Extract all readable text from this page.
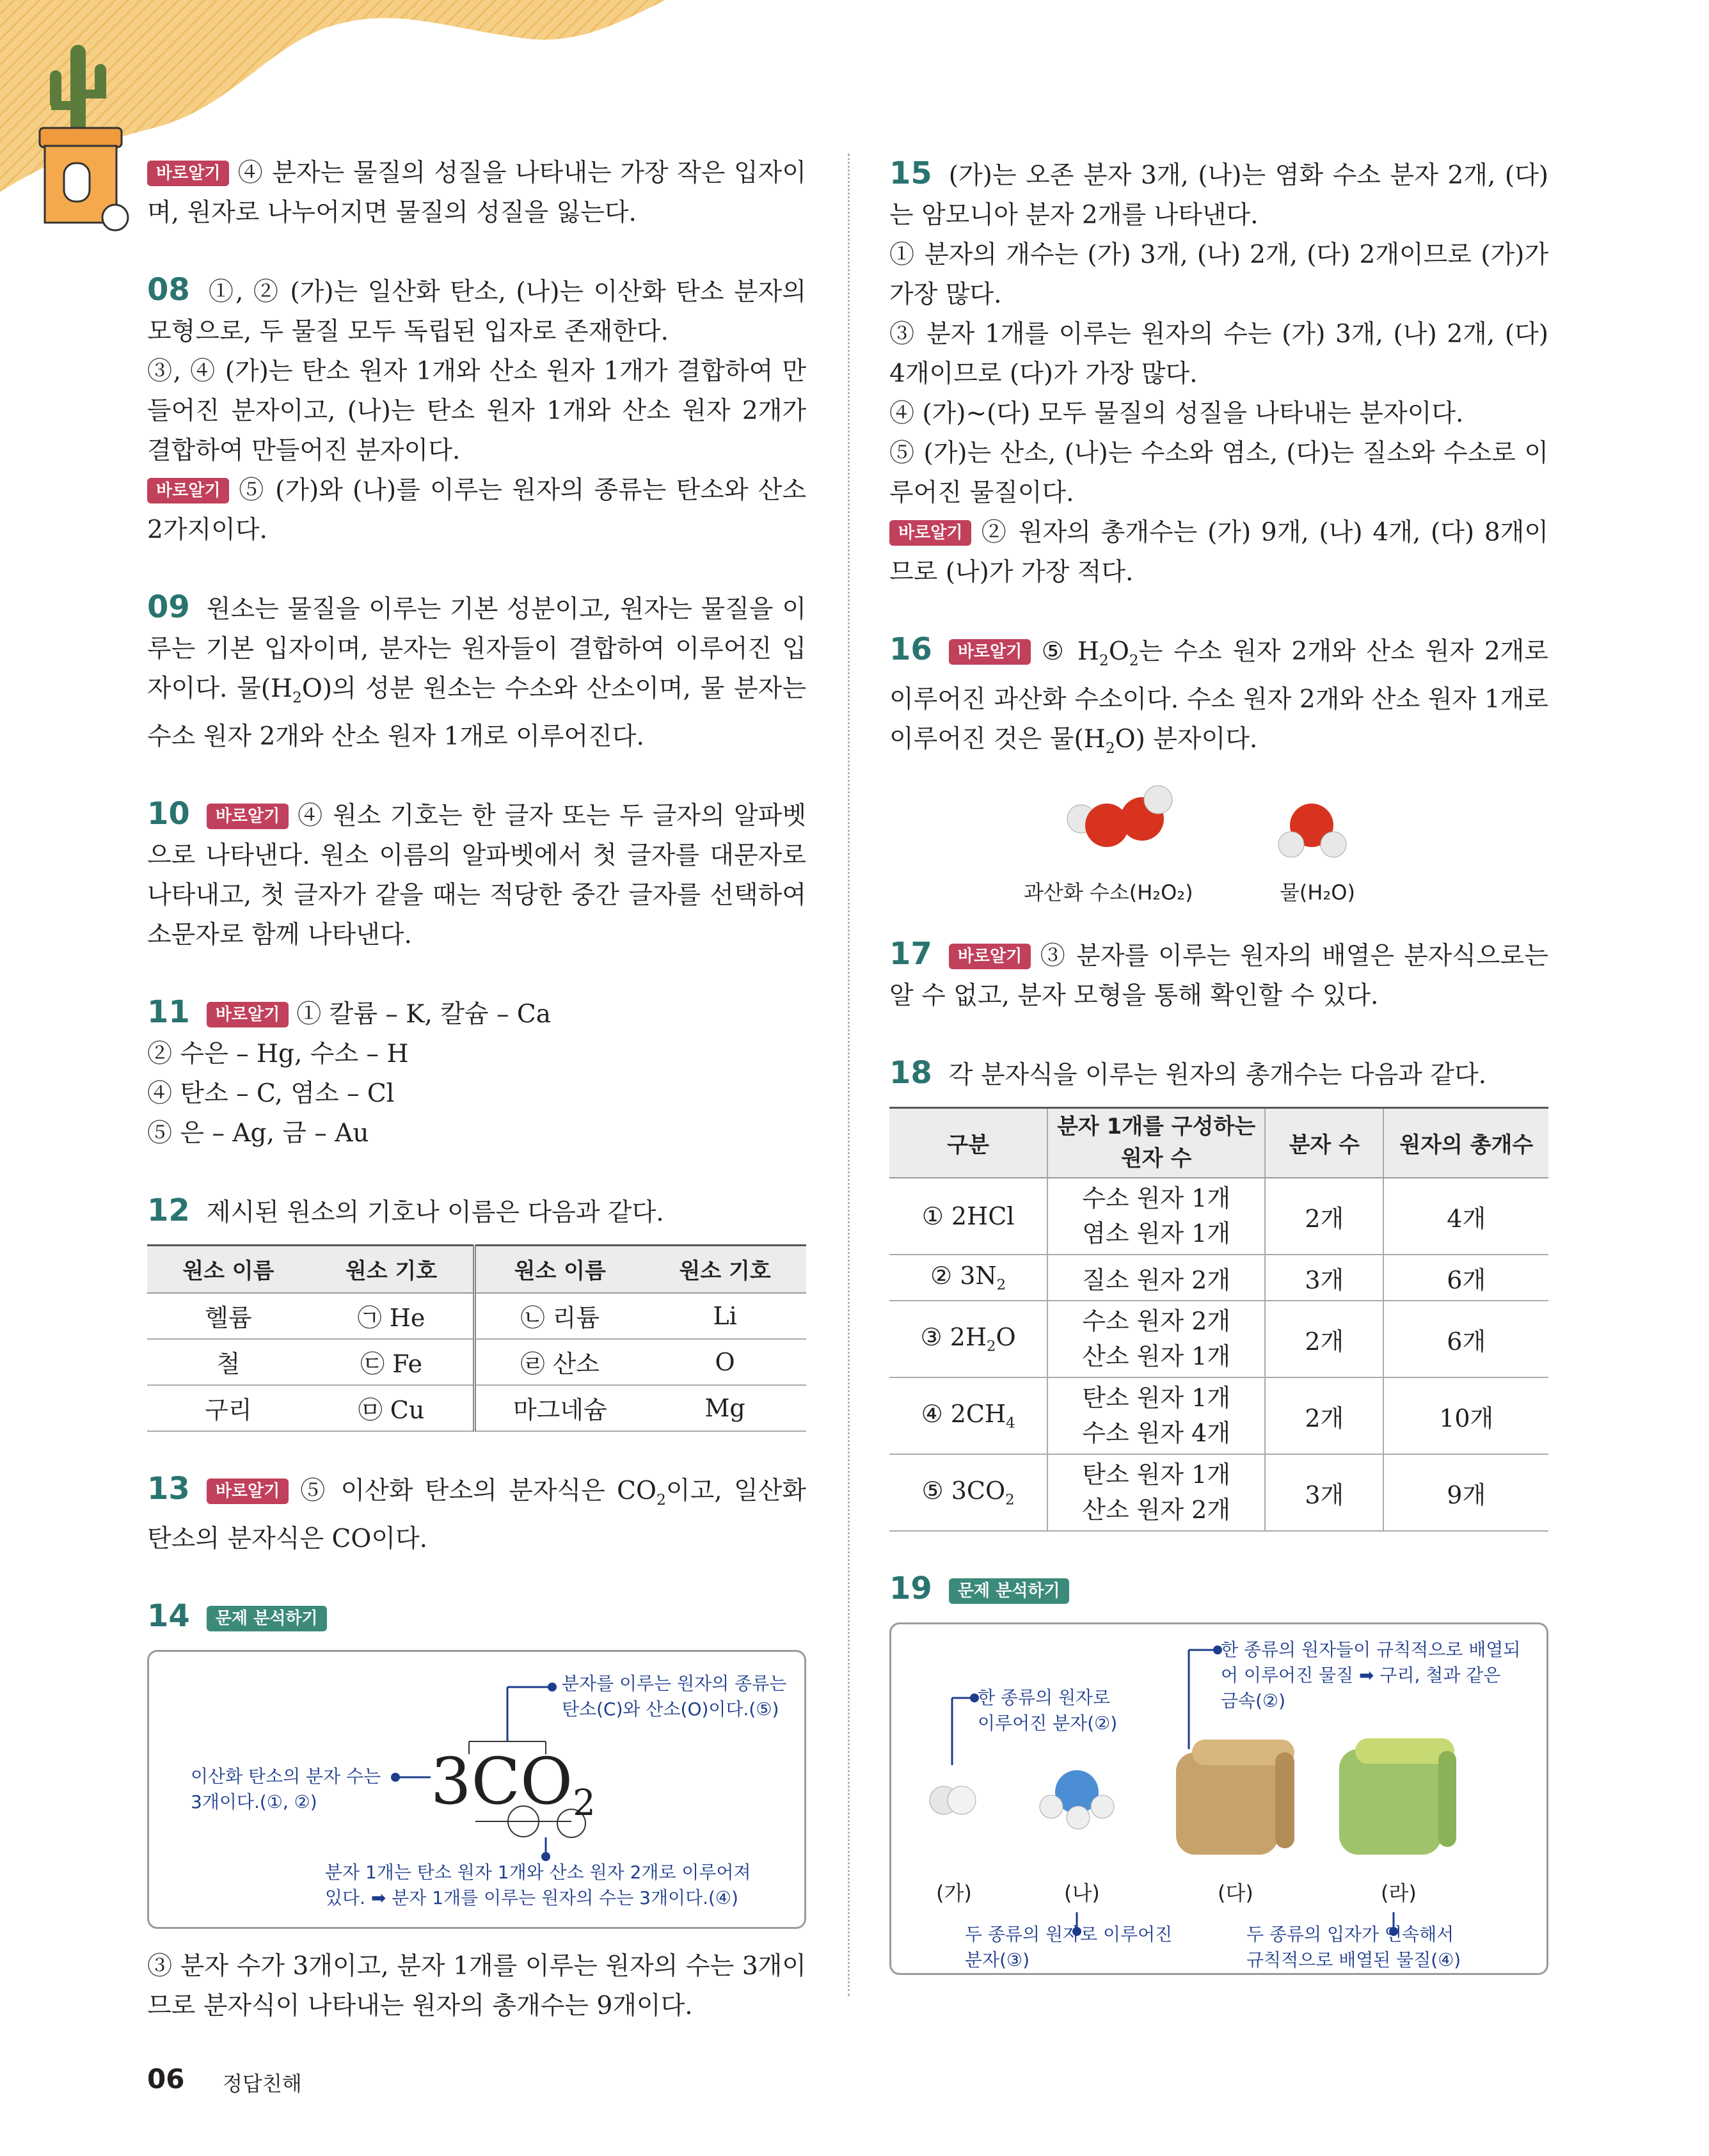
바로알기 ④ 분자는 물질의 성질을 나타내는 가장 작은 입자이며, 원자로 나누어지면 물질의 성질을 잃는다.

08 ①, ② (가)는 일산화 탄소, (나)는 이산화 탄소 분자의 모형으로, 두 물질 모두 독립된 입자로 존재한다.

③, ④ (가)는 탄소 원자 1개와 산소 원자 1개가 결합하여 만들어진 분자이고, (나)는 탄소 원자 1개와 산소 원자 2개가 결합하여 만들어진 분자이다.

바로알기 ⑤ (가)와 (나)를 이루는 원자의 종류는 탄소와 산소 2가지이다.

09 원소는 물질을 이루는 기본 성분이고, 원자는 물질을 이루는 기본 입자이며, 분자는 원자들이 결합하여 이루어진 입자이다. 물$(H_2O)$의 성분 원소는 수소와 산소이며, 물 분자는 수소 원자 2개와 산소 원자 1개로 이루어진다.

10 바로알기 ④ 원소 기호는 한 글자 또는 두 글자의 알파벳으로 나타낸다. 원소 이름의 알파벳에서 첫 글자를 대문자로 나타내고, 첫 글자가 같을 때는 적당한 중간 글자를 선택하여 소문자로 함께 나타낸다.

11 바로알기 ① 칼륨 – K, 칼슘 – Ca

② 수은 – Hg, 수소 – H

④ 탄소 – C, 염소 – Cl

⑤ 은 – Ag, 금 – Au

12 제시된 원소의 기호나 이름은 다음과 같다.

원소 이름	원소 기호	원소 이름	원소 기호
헬륨	㉠ He	㉡ 리튬	Li
철	㉢ Fe	㉣ 산소	O
구리	㉤ Cu	마그네슘	Mg

13 바로알기 ⑤ 이산화 탄소의 분자식은 $CO_2$이고, 일산화 탄소의 분자식은 CO이다.

14 문제 분석하기

분자를 이루는 원자의 종류는
탄소(C)와 산소(O)이다.(⑤)
이산화 탄소의 분자 수는
3개이다.(①, ②)	3CO2
분자 1개는 탄소 원자 1개와 산소 원자 2개로 이루어져
있다. ➡ 분자 1개를 이루는 원자의 수는 3개이다.(④)

③ 분자 수가 3개이고, 분자 1개를 이루는 원자의 수는 3개이므로 분자식이 나타내는 원자의 총개수는 9개이다.

15 (가)는 오존 분자 3개, (나)는 염화 수소 분자 2개, (다)는 암모니아 분자 2개를 나타낸다.

① 분자의 개수는 (가) 3개, (나) 2개, (다) 2개이므로 (가)가 가장 많다.

③ 분자 1개를 이루는 원자의 수는 (가) 3개, (나) 2개, (다) 4개이므로 (다)가 가장 많다.

④ (가)~(다) 모두 물질의 성질을 나타내는 분자이다.

⑤ (가)는 산소, (나)는 수소와 염소, (다)는 질소와 수소로 이루어진 물질이다.

바로알기 ② 원자의 총개수는 (가) 9개, (나) 4개, (다) 8개이므로 (나)가 가장 적다.

16 바로알기 ⑤ $H_2O_2$는 수소 원자 2개와 산소 원자 2개로 이루어진 과산화 수소이다. 수소 원자 2개와 산소 원자 1개로 이루어진 것은 물$(H_2O)$ 분자이다.

과산화 수소(H₂O₂)	물(H₂O)

17 바로알기 ③ 분자를 이루는 원자의 배열은 분자식으로는 알 수 없고, 분자 모형을 통해 확인할 수 있다.

18 각 분자식을 이루는 원자의 총개수는 다음과 같다.

구분	분자 1개를 구성하는
원자 수	분자 수	원자의 총개수
① 2HCl	수소 원자 1개
염소 원자 1개	2개	4개
② $3N_2$	질소 원자 2개	3개	6개
③ $2H_2O$	수소 원자 2개
산소 원자 1개	2개	6개
④ $2CH_4$	탄소 원자 1개
수소 원자 4개	2개	10개
⑤ $3CO_2$	탄소 원자 1개
산소 원자 2개	3개	9개

19 문제 분석하기

한 종류의 원자들이 규칙적으로 배열되
어 이루어진 물질 ➡ 구리, 철과 같은
금속(②)
한 종류의 원자로
이루어진 분자(②)
(가)	(나)	(다)	(라)
두 종류의 원자로 이루어진
분자(③)
두 종류의 입자가 연속해서
규칙적으로 배열된 물질(④)
06 정답친해
